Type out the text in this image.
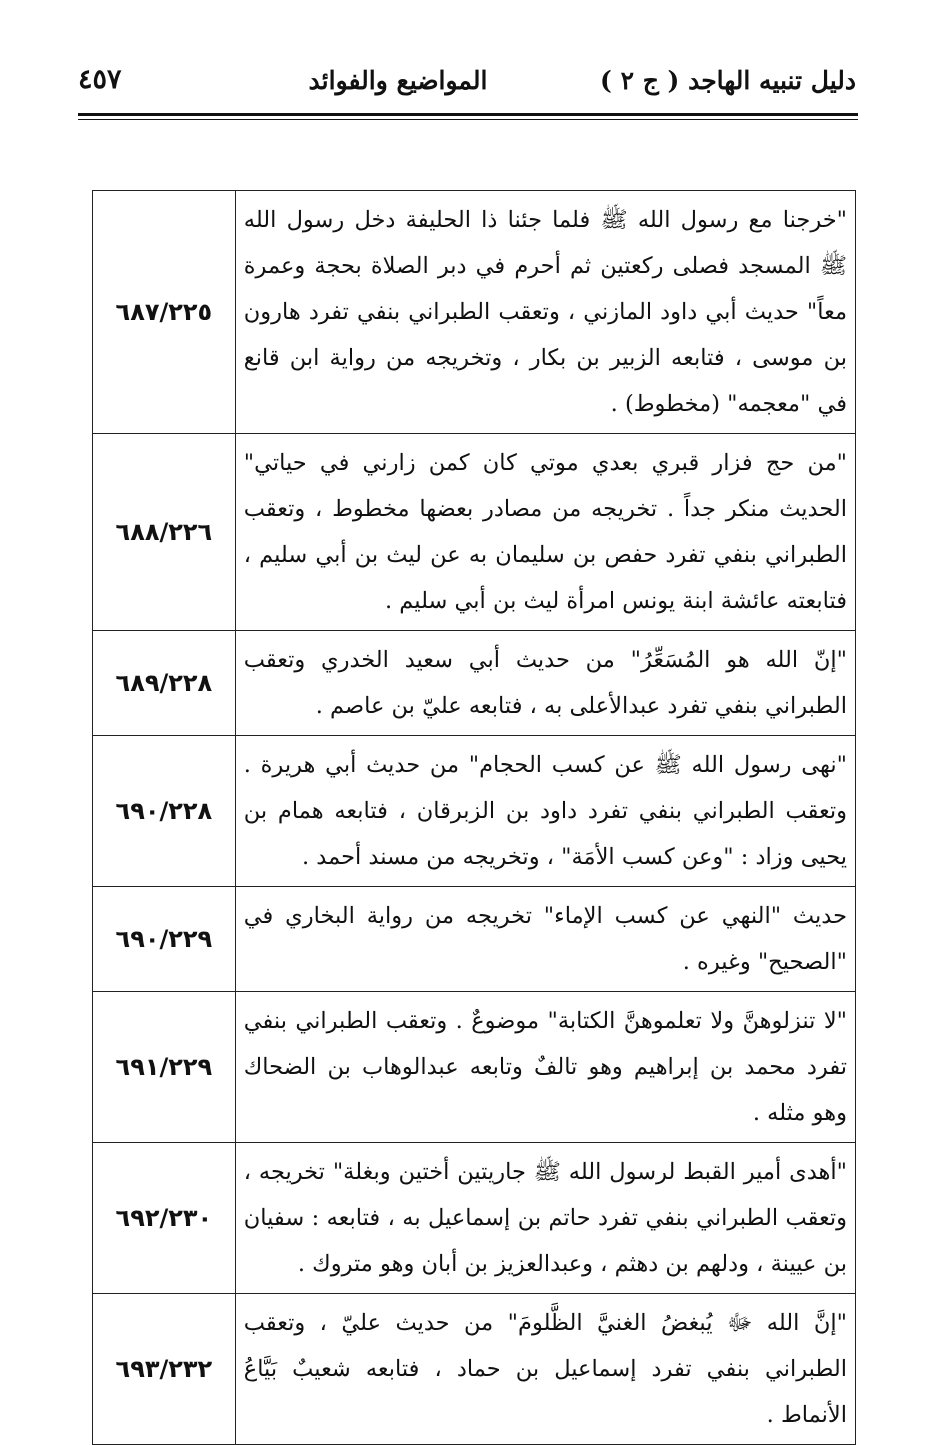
٤٥٧	المواضيع والفوائد	دليل تنبيه الهاجد ( ج ٢ )
"خرجنا مع رسول الله ﷺ فلما جئنا ذا الحليفة دخل رسول الله ﷺ المسجد فصلى ركعتين ثم أحرم في دبر الصلاة بحجة وعمرة معاً" حديث أبي داود المازني ، وتعقب الطبراني بنفي تفرد هارون بن موسى ، فتابعه الزبير بن بكار ، وتخريجه من رواية ابن قانع في "معجمه" (مخطوط) .	٦٨٧/٢٢٥
"من حج فزار قبري بعدي موتي كان كمن زارني في حياتي" الحديث منكر جداً . تخريجه من مصادر بعضها مخطوط ، وتعقب الطبراني بنفي تفرد حفص بن سليمان به عن ليث بن أبي سليم ، فتابعته عائشة ابنة يونس امرأة ليث بن أبي سليم .	٦٨٨/٢٢٦
"إنّ الله هو المُسَعِّرُ" من حديث أبي سعيد الخدري وتعقب الطبراني بنفي تفرد عبدالأعلى به ، فتابعه عليّ بن عاصم .	٦٨٩/٢٢٨
"نهى رسول الله ﷺ عن كسب الحجام" من حديث أبي هريرة . وتعقب الطبراني بنفي تفرد داود بن الزبرقان ، فتابعه همام بن يحيى وزاد : "وعن كسب الأمَة" ، وتخريجه من مسند أحمد .	٦٩٠/٢٢٨
حديث "النهي عن كسب الإماء" تخريجه من رواية البخاري في "الصحيح" وغيره .	٦٩٠/٢٢٩
"لا تنزلوهنَّ ولا تعلموهنَّ الكتابة" موضوعٌ . وتعقب الطبراني بنفي تفرد محمد بن إبراهيم وهو تالفٌ وتابعه عبدالوهاب بن الضحاك وهو مثله .	٦٩١/٢٢٩
"أهدى أمير القبط لرسول الله ﷺ جاريتين أختين وبغلة" تخريجه ، وتعقب الطبراني بنفي تفرد حاتم بن إسماعيل به ، فتابعه : سفيان بن عيينة ، ودلهم بن دهثم ، وعبدالعزيز بن أبان وهو متروك .	٦٩٢/٢٣٠
"إنَّ الله ﷻ يُبغضُ الغنيَّ الظَّلومَ" من حديث عليّ ، وتعقب الطبراني بنفي تفرد إسماعيل بن حماد ، فتابعه شعيبٌ بَيَّاعُ الأنماط .	٦٩٣/٢٣٢
